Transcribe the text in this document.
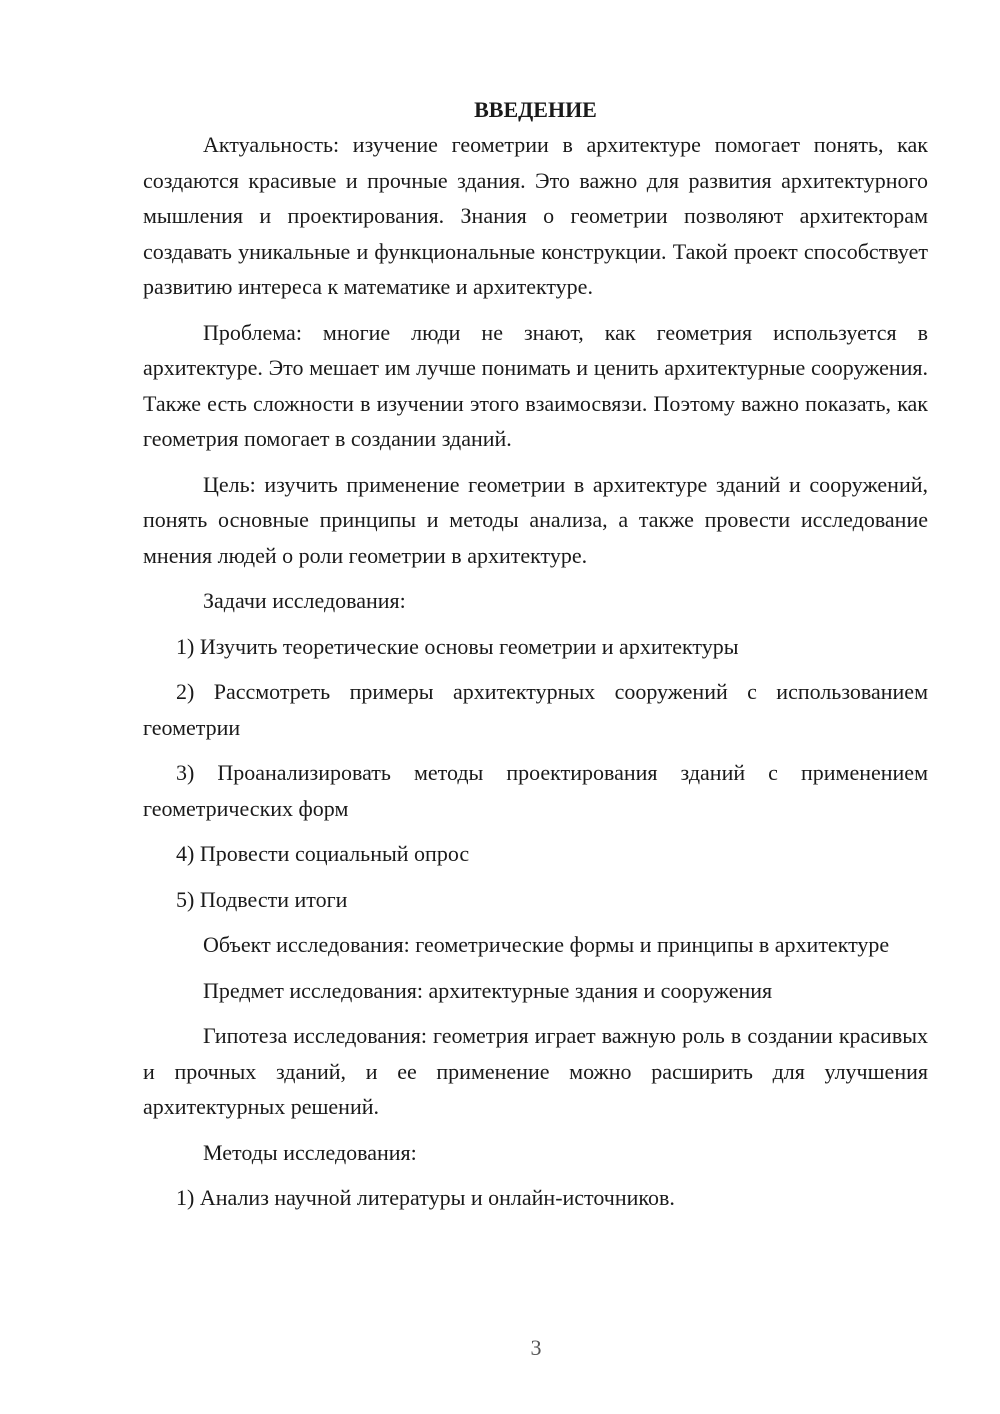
ВВЕДЕНИЕ

Актуальность: изучение геометрии в архитектуре помогает понять, как создаются красивые и прочные здания. Это важно для развития архитектурного мышления и проектирования. Знания о геометрии позволяют архитекторам создавать уникальные и функциональные конструкции. Такой проект способствует развитию интереса к математике и архитектуре.

Проблема: многие люди не знают, как геометрия используется в архитектуре. Это мешает им лучше понимать и ценить архитектурные сооружения. Также есть сложности в изучении этого взаимосвязи. Поэтому важно показать, как геометрия помогает в создании зданий.

Цель: изучить применение геометрии в архитектуре зданий и сооружений, понять основные принципы и методы анализа, а также провести исследование мнения людей о роли геометрии в архитектуре.

Задачи исследования:

1) Изучить теоретические основы геометрии и архитектуры

2) Рассмотреть примеры архитектурных сооружений с использованием геометрии

3) Проанализировать методы проектирования зданий с применением геометрических форм

4) Провести социальный опрос

5) Подвести итоги

Объект исследования: геометрические формы и принципы в архитектуре

Предмет исследования: архитектурные здания и сооружения

Гипотеза исследования: геометрия играет важную роль в создании красивых и прочных зданий, и ее применение можно расширить для улучшения архитектурных решений.

Методы исследования:

1) Анализ научной литературы и онлайн-источников.

3
